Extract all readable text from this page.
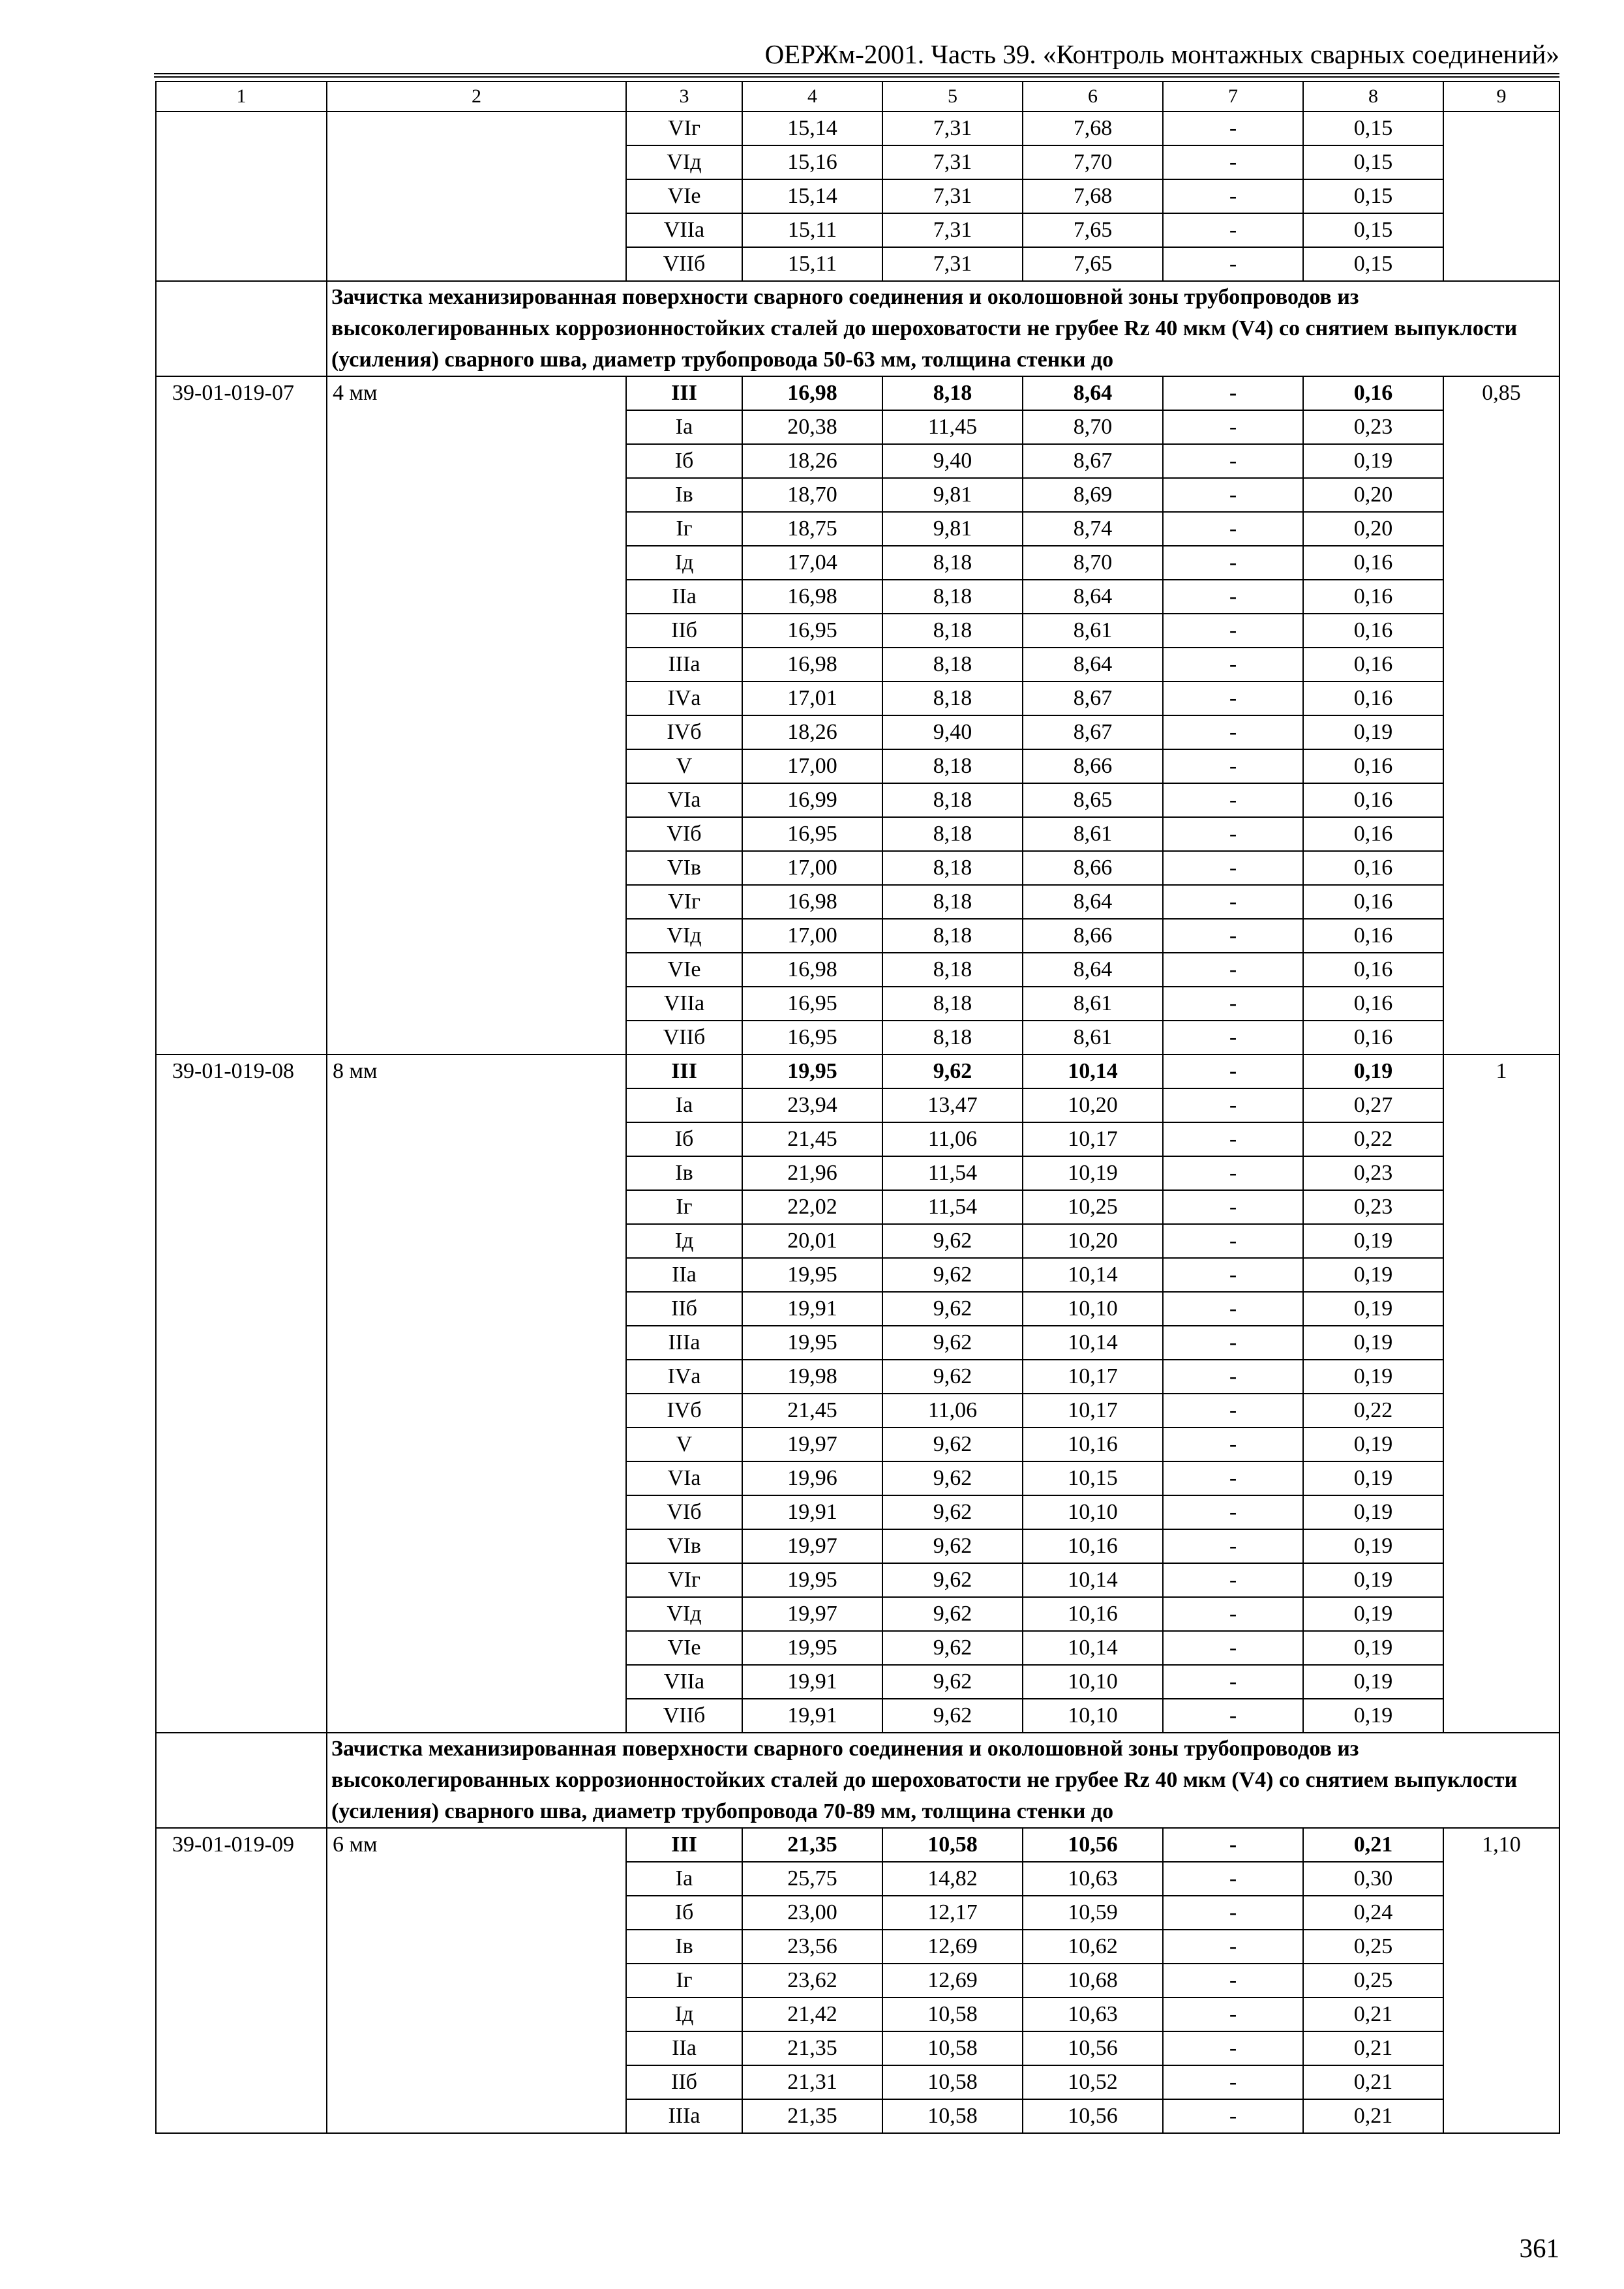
ОЕРЖм-2001. Часть 39. «Контроль монтажных сварных соединений»
1	2	3	4	5	6	7	8	9
		VIг	15,14	7,31	7,68	-	0,15	
		VIд	15,16	7,31	7,70	-	0,15	
		VIе	15,14	7,31	7,68	-	0,15	
		VIIа	15,11	7,31	7,65	-	0,15	
		VIIб	15,11	7,31	7,65	-	0,15	
	Зачистка механизированная поверхности сварного соединения и околошовной зоны трубопроводов из высоколегированных коррозионностойких сталей до шероховатости не грубее Rz 40 мкм (V4) со снятием выпуклости (усиления) сварного шва, диаметр трубопровода 50-63 мм, толщина стенки до							
39-01-019-07	4 мм	III	16,98	8,18	8,64	-	0,16	0,85
		Iа	20,38	11,45	8,70	-	0,23	
		Iб	18,26	9,40	8,67	-	0,19	
		Iв	18,70	9,81	8,69	-	0,20	
		Iг	18,75	9,81	8,74	-	0,20	
		Iд	17,04	8,18	8,70	-	0,16	
		IIа	16,98	8,18	8,64	-	0,16	
		IIб	16,95	8,18	8,61	-	0,16	
		IIIа	16,98	8,18	8,64	-	0,16	
		IVа	17,01	8,18	8,67	-	0,16	
		IVб	18,26	9,40	8,67	-	0,19	
		V	17,00	8,18	8,66	-	0,16	
		VIа	16,99	8,18	8,65	-	0,16	
		VIб	16,95	8,18	8,61	-	0,16	
		VIв	17,00	8,18	8,66	-	0,16	
		VIг	16,98	8,18	8,64	-	0,16	
		VIд	17,00	8,18	8,66	-	0,16	
		VIе	16,98	8,18	8,64	-	0,16	
		VIIа	16,95	8,18	8,61	-	0,16	
		VIIб	16,95	8,18	8,61	-	0,16	
39-01-019-08	8 мм	III	19,95	9,62	10,14	-	0,19	1
		Iа	23,94	13,47	10,20	-	0,27	
		Iб	21,45	11,06	10,17	-	0,22	
		Iв	21,96	11,54	10,19	-	0,23	
		Iг	22,02	11,54	10,25	-	0,23	
		Iд	20,01	9,62	10,20	-	0,19	
		IIа	19,95	9,62	10,14	-	0,19	
		IIб	19,91	9,62	10,10	-	0,19	
		IIIа	19,95	9,62	10,14	-	0,19	
		IVа	19,98	9,62	10,17	-	0,19	
		IVб	21,45	11,06	10,17	-	0,22	
		V	19,97	9,62	10,16	-	0,19	
		VIа	19,96	9,62	10,15	-	0,19	
		VIб	19,91	9,62	10,10	-	0,19	
		VIв	19,97	9,62	10,16	-	0,19	
		VIг	19,95	9,62	10,14	-	0,19	
		VIд	19,97	9,62	10,16	-	0,19	
		VIе	19,95	9,62	10,14	-	0,19	
		VIIа	19,91	9,62	10,10	-	0,19	
		VIIб	19,91	9,62	10,10	-	0,19	
	Зачистка механизированная поверхности сварного соединения и околошовной зоны трубопроводов из высоколегированных коррозионностойких сталей до шероховатости не грубее Rz 40 мкм (V4) со снятием выпуклости (усиления) сварного шва, диаметр трубопровода 70-89 мм, толщина стенки до							
39-01-019-09	6 мм	III	21,35	10,58	10,56	-	0,21	1,10
		Iа	25,75	14,82	10,63	-	0,30	
		Iб	23,00	12,17	10,59	-	0,24	
		Iв	23,56	12,69	10,62	-	0,25	
		Iг	23,62	12,69	10,68	-	0,25	
		Iд	21,42	10,58	10,63	-	0,21	
		IIа	21,35	10,58	10,56	-	0,21	
		IIб	21,31	10,58	10,52	-	0,21	
		IIIа	21,35	10,58	10,56	-	0,21	
361
